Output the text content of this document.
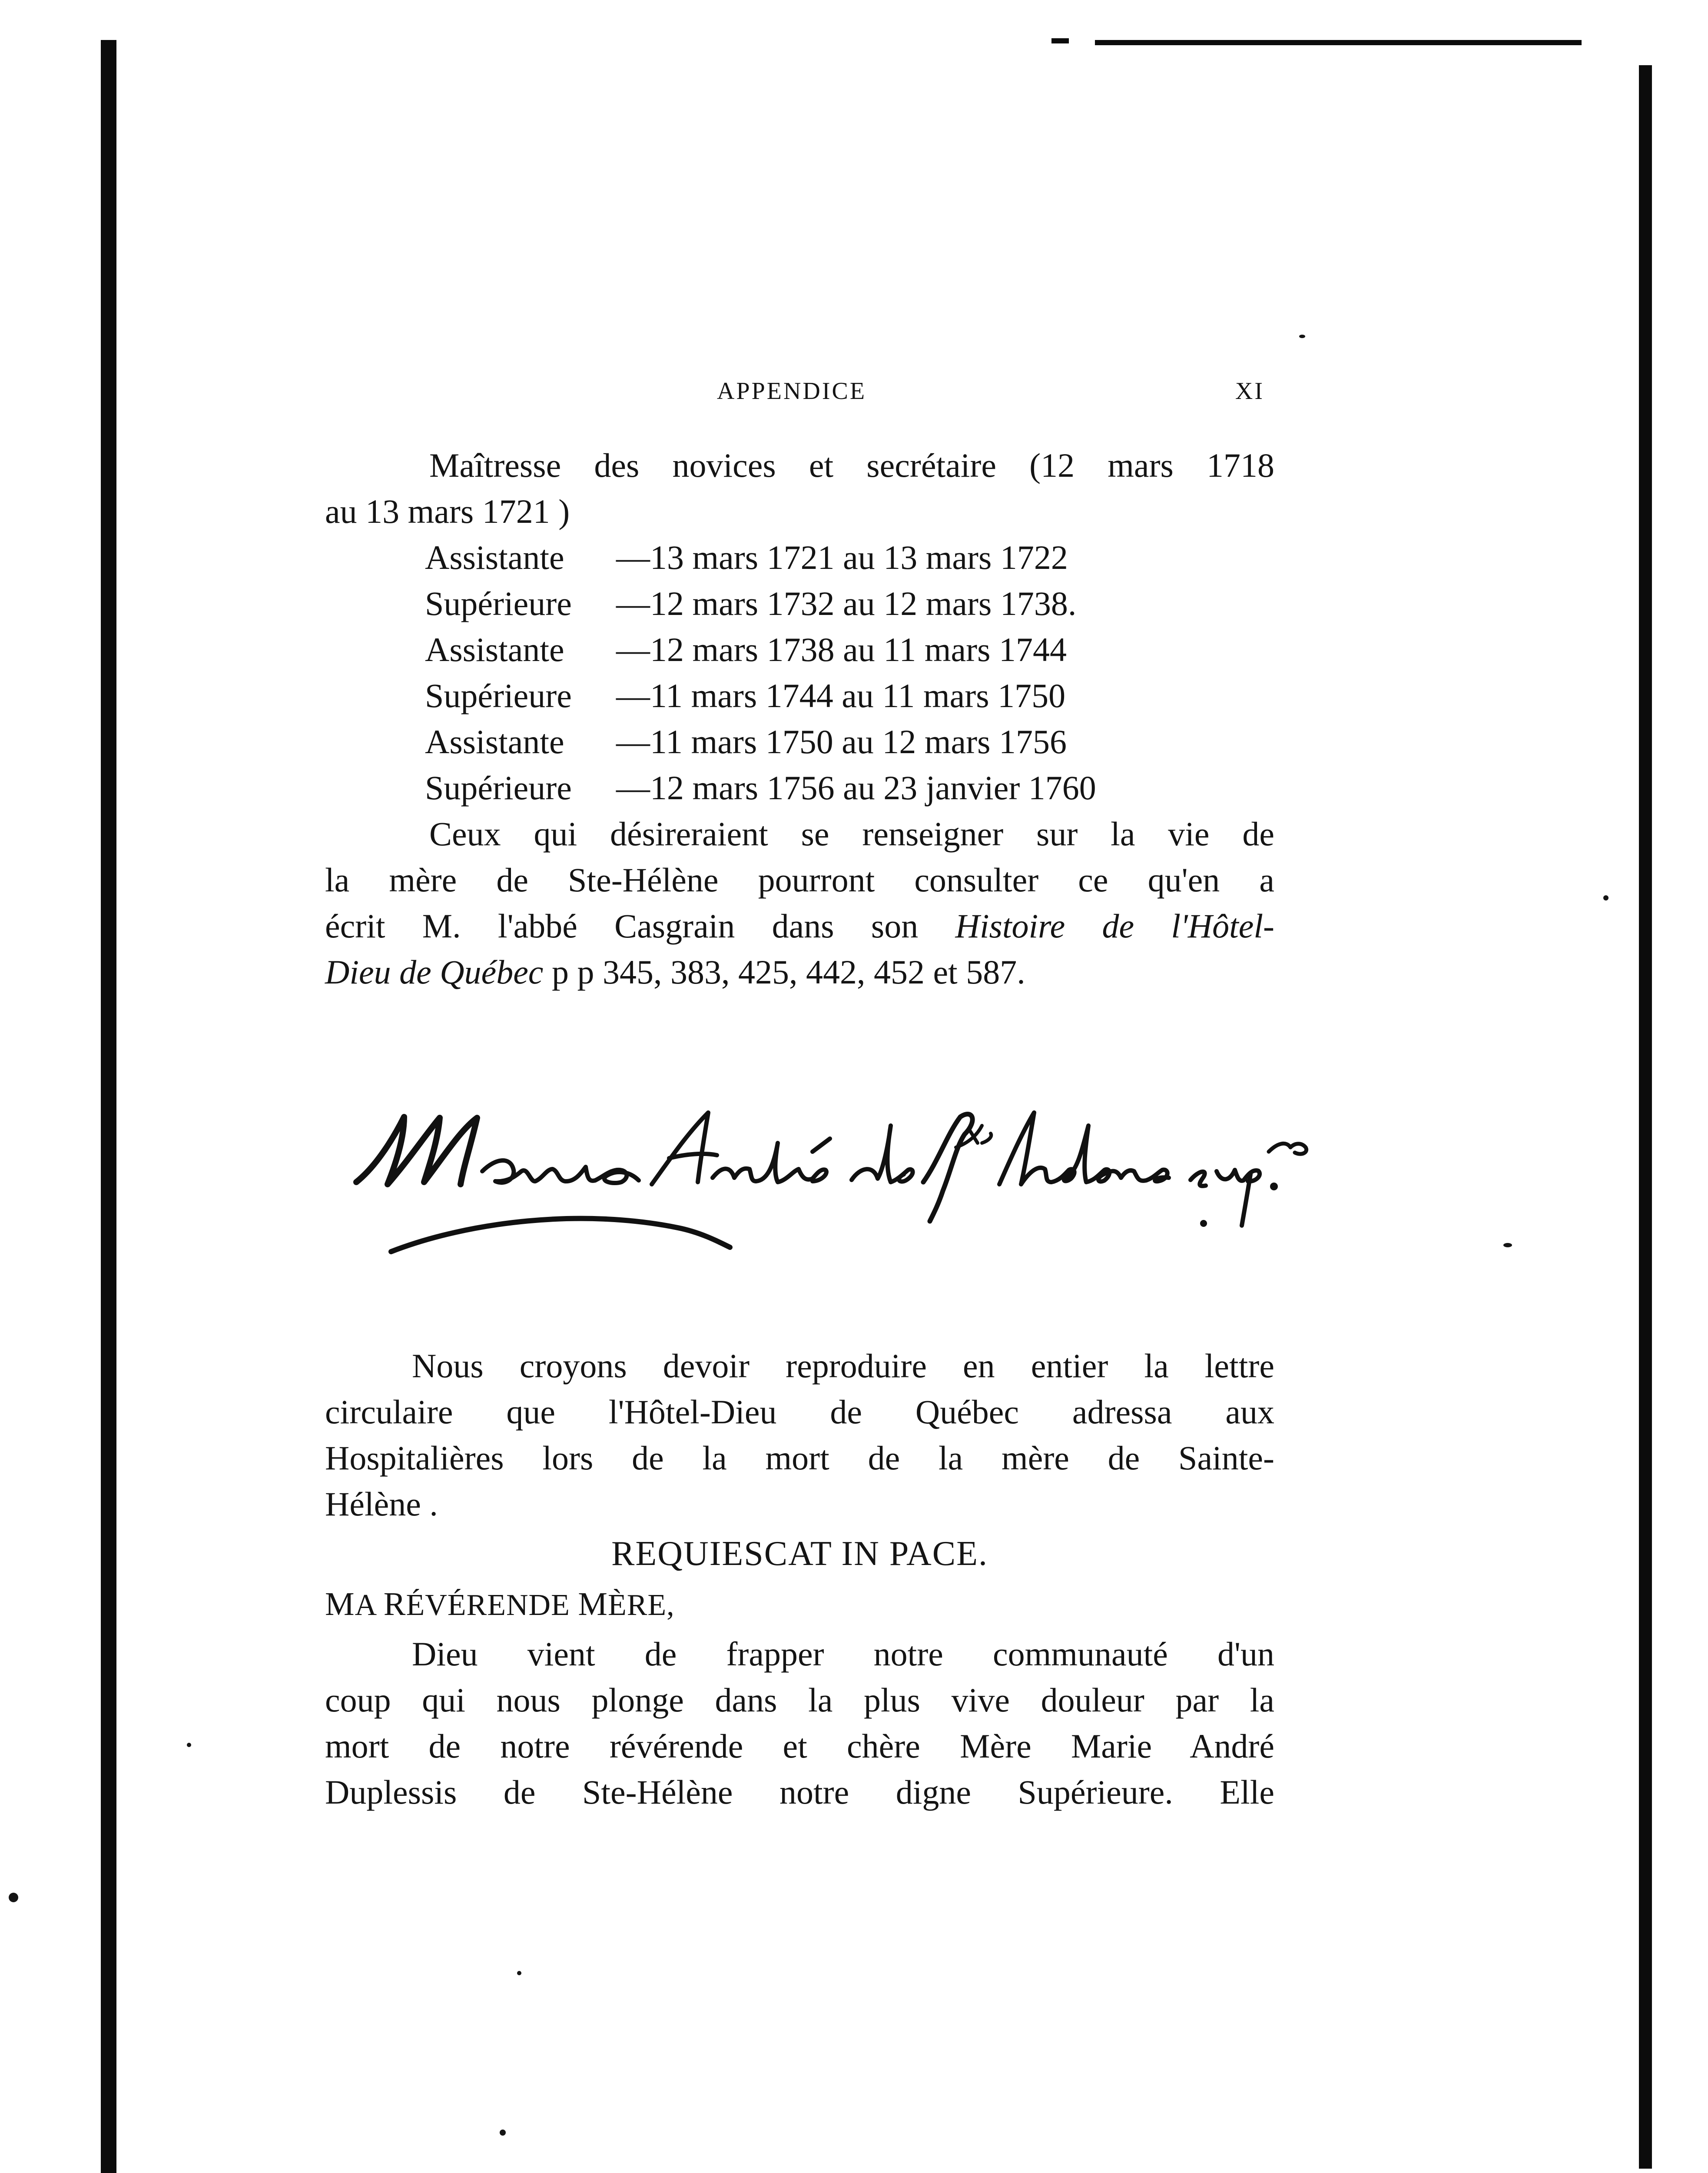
APPENDICE	XI
Maîtresse des novices et secrétaire (12 mars 1718
au 13 mars 1721 )
Assistante —13 mars 1721 au 13 mars 1722
Supérieure —12 mars 1732 au 12 mars 1738.
Assistante —12 mars 1738 au 11 mars 1744
Supérieure —11 mars 1744 au 11 mars 1750
Assistante —11 mars 1750 au 12 mars 1756
Supérieure —12 mars 1756 au 23 janvier 1760
Ceux qui désireraient se renseigner sur la vie de
la mère de Ste-Hélène pourront consulter ce qu'en a
écrit M. l'abbé Casgrain dans son Histoire de l'Hôtel-
Dieu de Québec p p 345, 383, 425, 442, 452 et 587.
Nous croyons devoir reproduire en entier la lettre
circulaire que l'Hôtel-Dieu de Québec adressa aux
Hospitalières lors de la mort de la mère de Sainte-
Hélène .
REQUIESCAT IN PACE.
MA RÉVÉRENDE MÈRE,
Dieu vient de frapper notre communauté d'un
coup qui nous plonge dans la plus vive douleur par la
mort de notre révérende et chère Mère Marie André
Duplessis de Ste-Hélène notre digne Supérieure. Elle
